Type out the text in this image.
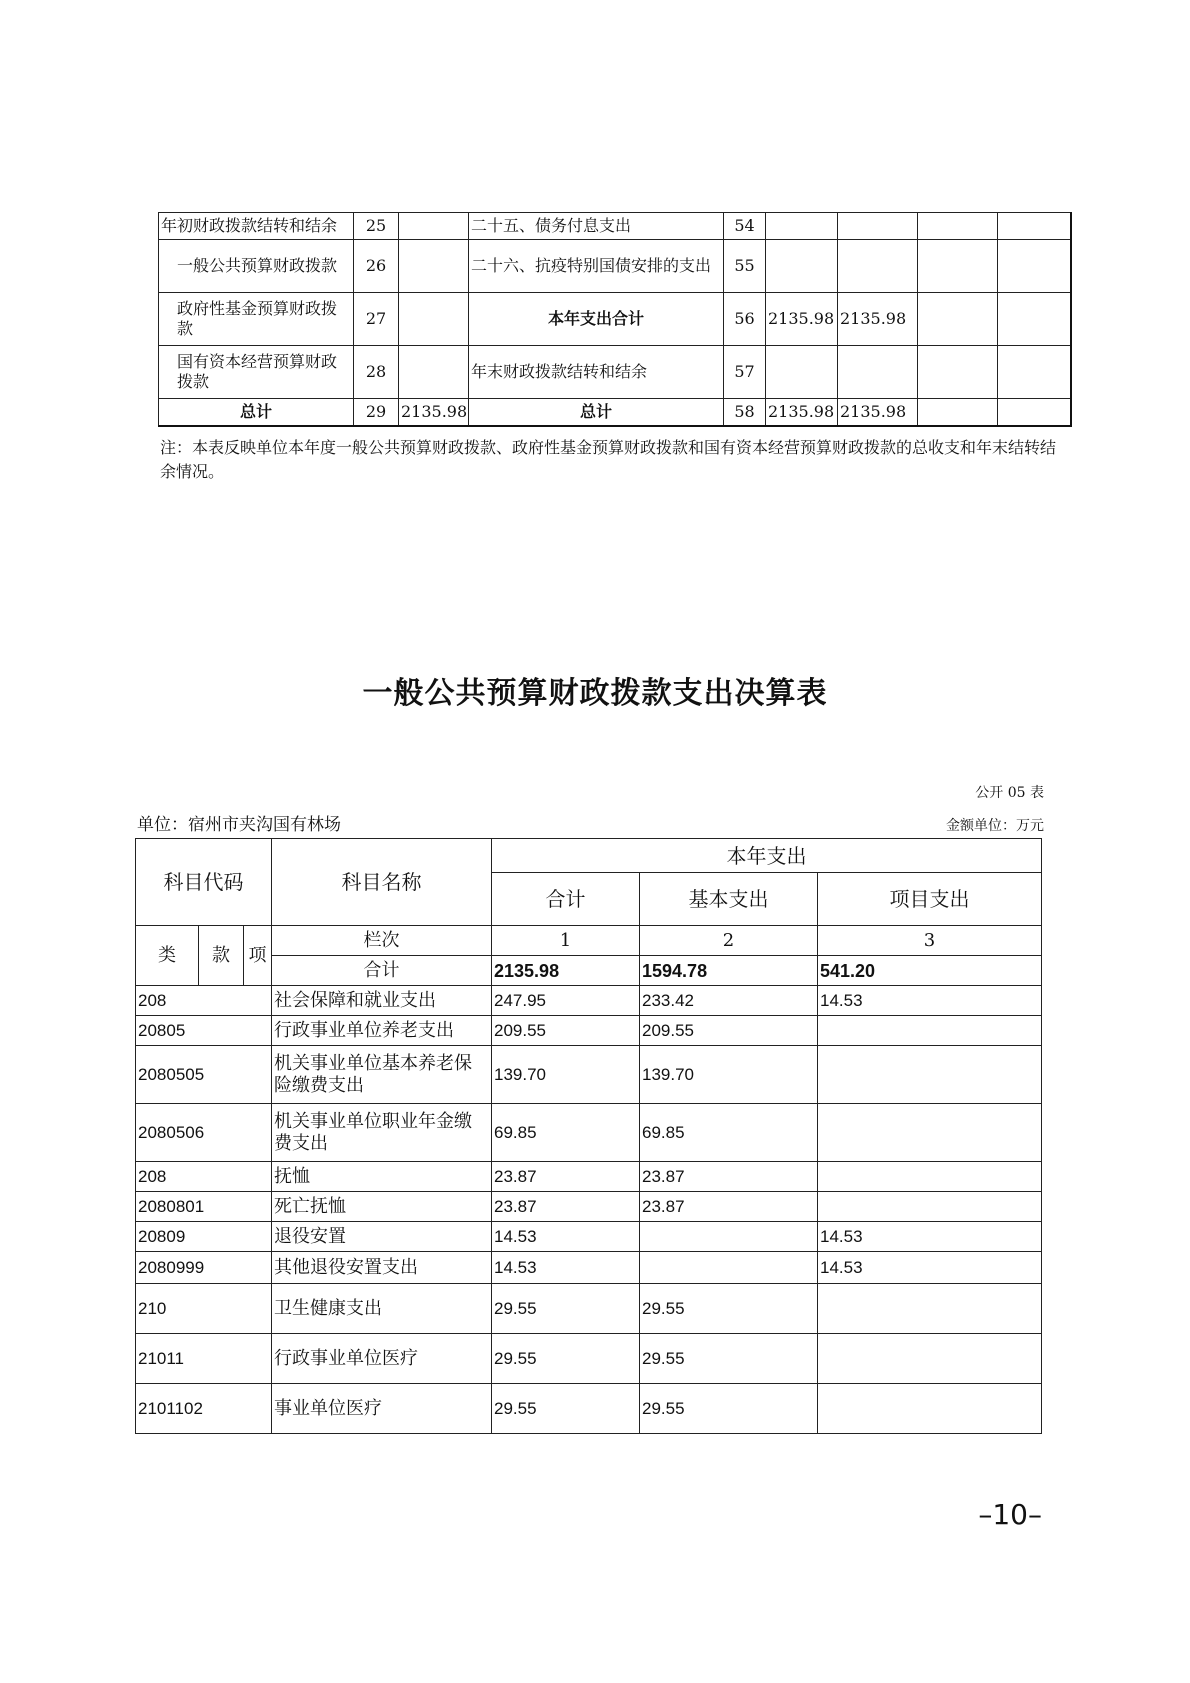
年初财政拨款结转和结余	25		二十五、债务付息支出	54				
一般公共预算财政拨款	26		二十六、抗疫特别国债安排的支出	55				
政府性基金预算财政拨款	27		本年支出合计	56	2135.98	2135.98		
国有资本经营预算财政拨款	28		年末财政拨款结转和结余	57				
总计	29	2135.98	总计	58	2135.98	2135.98		
注：本表反映单位本年度一般公共预算财政拨款、政府性基金预算财政拨款和国有资本经营预算财政拨款的总收支和年末结转结余情况。
一般公共预算财政拨款支出决算表
公开 05 表
单位：宿州市夹沟国有林场	金额单位：万元
科目代码			科目名称	本年支出		
				合计	基本支出	项目支出
类	款	项	栏次	1	2	3
			合计	2135.98	1594.78	541.20
208			社会保障和就业支出	247.95	233.42	14.53
20805			行政事业单位养老支出	209.55	209.55	
2080505			机关事业单位基本养老保险缴费支出	139.70	139.70	
2080506			机关事业单位职业年金缴费支出	69.85	69.85	
208			抚恤	23.87	23.87	
2080801			死亡抚恤	23.87	23.87	
20809			退役安置	14.53		14.53
2080999			其他退役安置支出	14.53		14.53
210			卫生健康支出	29.55	29.55	
21011			行政事业单位医疗	29.55	29.55	
2101102			事业单位医疗	29.55	29.55	
–10–
